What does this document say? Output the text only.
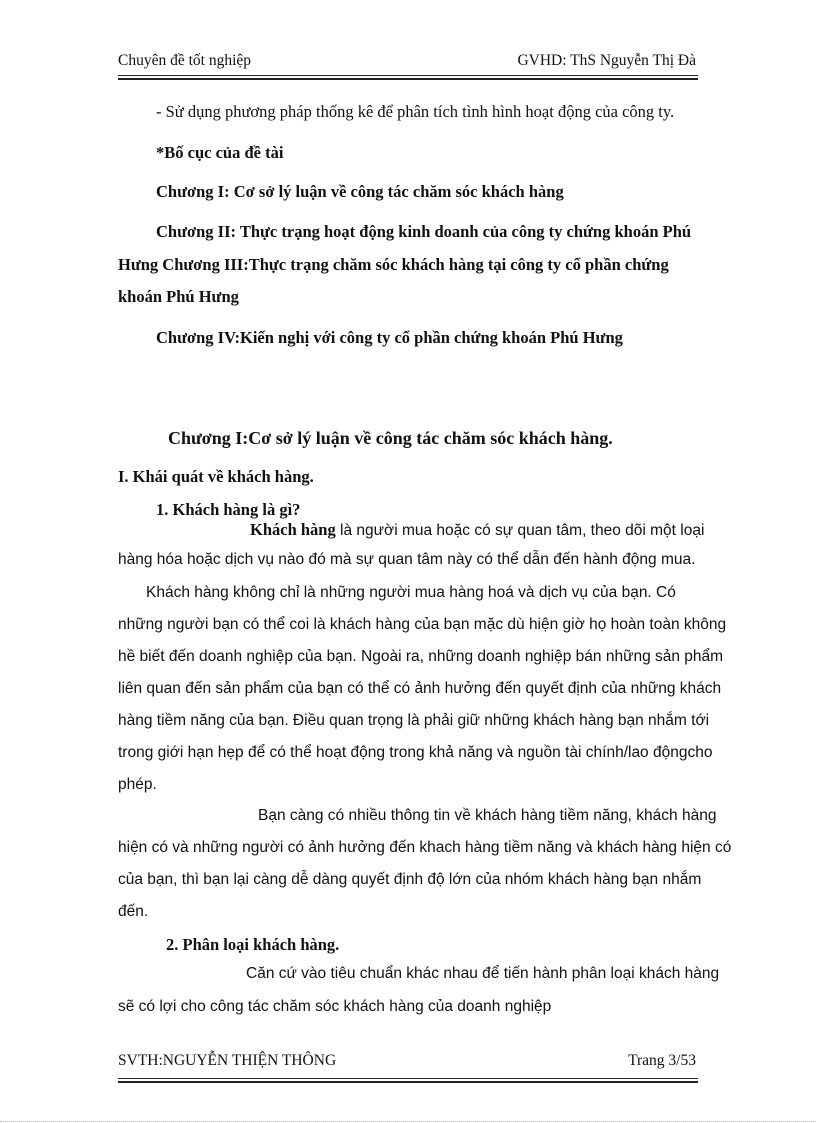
Chuyên đề tốt nghiệp	GVHD: ThS Nguyễn Thị Đà
- Sử dụng phương pháp thống kê để phân tích tình hình hoạt động của công ty.
*Bố cục của đề tài
Chương I: Cơ sở lý luận về công tác chăm sóc khách hàng
Chương II: Thực trạng hoạt động kinh doanh của công ty chứng khoán Phú
Hưng Chương III:Thực trạng chăm sóc khách hàng tại công ty cổ phần chứng
khoán Phú Hưng
Chương IV:Kiến nghị với công ty cổ phần chứng khoán Phú Hưng
Chương I:Cơ sở lý luận về công tác chăm sóc khách hàng.
I. Khái quát về khách hàng.
1. Khách hàng là gì?
Khách hàng là người mua hoặc có sự quan tâm, theo dõi một loại
hàng hóa hoặc dịch vụ nào đó mà sự quan tâm này có thể dẫn đến hành động mua.
Khách hàng không chỉ là những người mua hàng hoá và dịch vụ của bạn. Có
những người bạn có thể coi là khách hàng của bạn mặc dù hiện giờ họ hoàn toàn không
hề biết đến doanh nghiệp của bạn. Ngoài ra, những doanh nghiệp bán những sản phẩm
liên quan đến sản phẩm của bạn có thể có ảnh hưởng đến quyết định của những khách
hàng tiềm năng của bạn. Điều quan trọng là phải giữ những khách hàng bạn nhắm tới
trong giới hạn hẹp để có thể hoạt động trong khả năng và nguồn tài chính/lao độngcho
phép.
Bạn càng có nhiều thông tin về khách hàng tiềm năng, khách hàng
hiện có và những người có ảnh hưởng đến khach hàng tiềm năng và khách hàng hiện có
của bạn, thì bạn lại càng dễ dàng quyết định độ lớn của nhóm khách hàng bạn nhắm
đến.
2. Phân loại khách hàng.
Căn cứ vào tiêu chuẩn khác nhau để tiến hành phân loại khách hàng
sẽ có lợi cho công tác chăm sóc khách hàng của doanh nghiệp
SVTH:NGUYỄN THIỆN THÔNG	Trang 3/53
